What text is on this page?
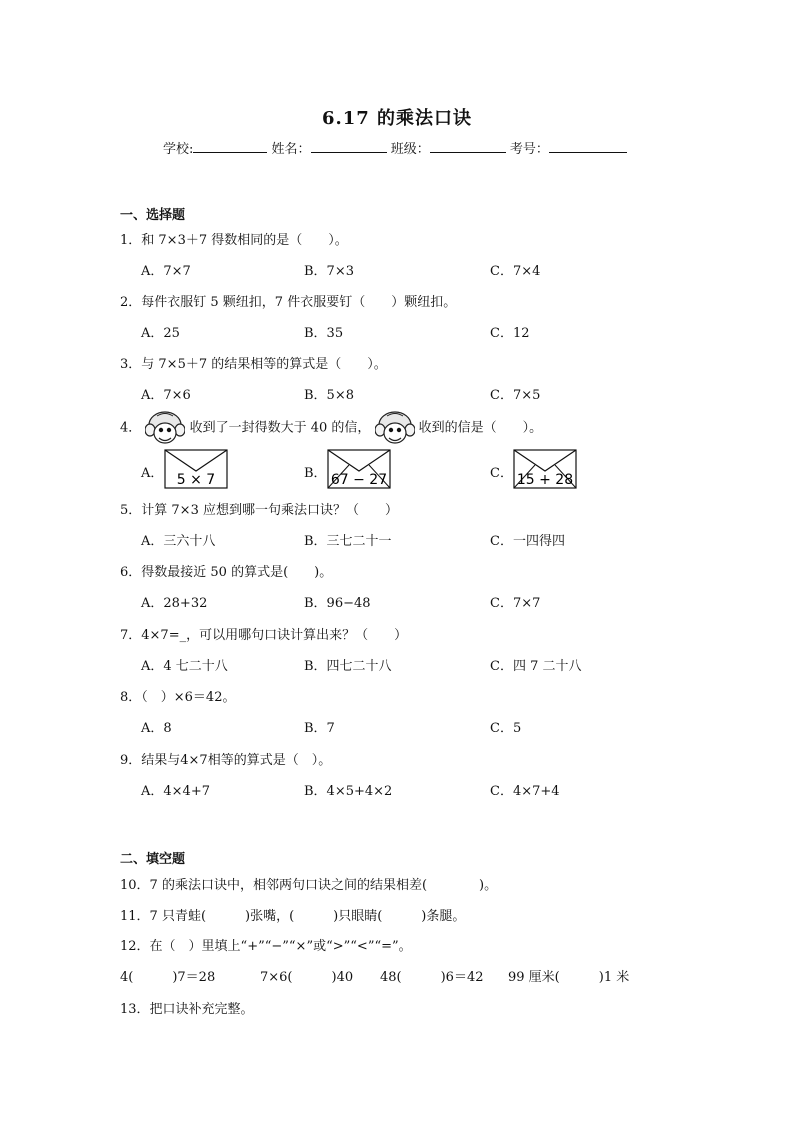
6.17 的乘法口诀
学校:	姓名：	班级：	考号：
一、选择题
1．和 7×3＋7 得数相同的是（　　）。
A．7×7	B．7×3	C．7×4
2．每件衣服钉 5 颗纽扣，7 件衣服要钉（　　）颗纽扣。
A．25	B．35	C．12
3．与 7×5＋7 的结果相等的算式是（　　）。
A．7×6	B．5×8	C．7×5
4．	收到了一封得数大于 40 的信，	收到的信是（　　）。
A． 5 × 7	B． 67 − 27	C． 15 + 28
5．计算 7×3 应想到哪一句乘法口诀？（　　）
A．三六十八	B．三七二十一	C．一四得四
6．得数最接近 50 的算式是(　　)。
A．28+32	B．96−48	C．7×7
7．4×7=_，可以用哪句口诀计算出来？（　　）
A．4 七二十八	B．四七二十八	C．四 7 二十八
8．（　）×6＝42。
A．8	B．7	C．5
9．结果与4×7相等的算式是（　）。
A．4×4+7	B．4×5+4×2	C．4×7+4
二、填空题
10．7 的乘法口诀中，相邻两句口诀之间的结果相差(　　　　)。
11．7 只青蛙(　　　)张嘴，(　　　)只眼睛(　　　)条腿。
12．在（　）里填上“+”“−”“×”或“>”“<”“=”。
4(　　　)7＝28	7×6(　　　)40 48(　　　)6＝42 99 厘米(　　　)1 米
13．把口诀补充完整。
